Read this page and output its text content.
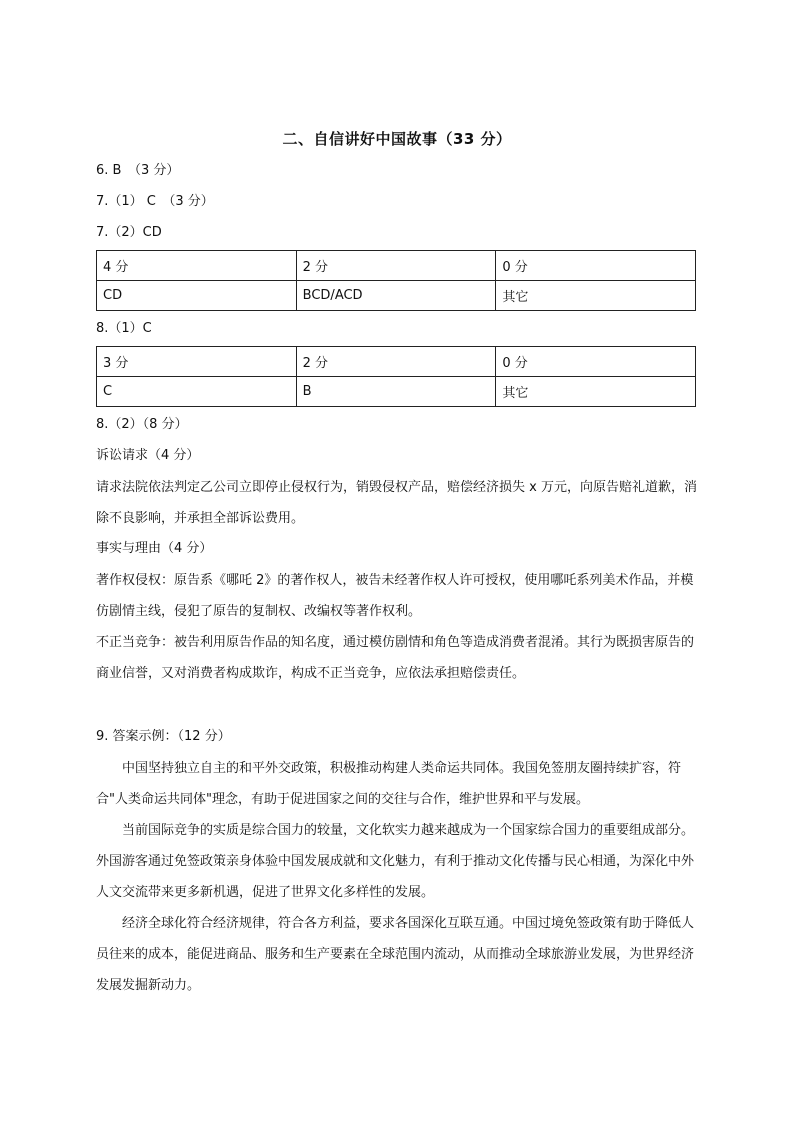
二、自信讲好中国故事（33 分）
6. B　（3 分）
7.（1） C　（3 分）
7.（2）CD
4 分	2 分	0 分
CD	BCD/ACD	其它
8.（1）C
3 分	2 分	0 分
C	B	其它
8.（2）（8 分）
诉讼请求（4 分）
请求法院依法判定乙公司立即停止侵权行为，销毁侵权产品，赔偿经济损失 x 万元，向原告赔礼道歉，消除不良影响，并承担全部诉讼费用。
事实与理由（4 分）
著作权侵权：原告系《哪吒 2》的著作权人，被告未经著作权人许可授权，使用哪吒系列美术作品，并模仿剧情主线，侵犯了原告的复制权、改编权等著作权利。
不正当竞争：被告利用原告作品的知名度，通过模仿剧情和角色等造成消费者混淆。其行为既损害原告的商业信誉，又对消费者构成欺诈，构成不正当竞争，应依法承担赔偿责任。
9. 答案示例：（12 分）
中国坚持独立自主的和平外交政策，积极推动构建人类命运共同体。我国免签朋友圈持续扩容，符合"人类命运共同体"理念，有助于促进国家之间的交往与合作，维护世界和平与发展。
当前国际竞争的实质是综合国力的较量，文化软实力越来越成为一个国家综合国力的重要组成部分。外国游客通过免签政策亲身体验中国发展成就和文化魅力，有利于推动文化传播与民心相通，为深化中外人文交流带来更多新机遇，促进了世界文化多样性的发展。
经济全球化符合经济规律，符合各方利益，要求各国深化互联互通。中国过境免签政策有助于降低人员往来的成本，能促进商品、服务和生产要素在全球范围内流动，从而推动全球旅游业发展，为世界经济发展发掘新动力。
